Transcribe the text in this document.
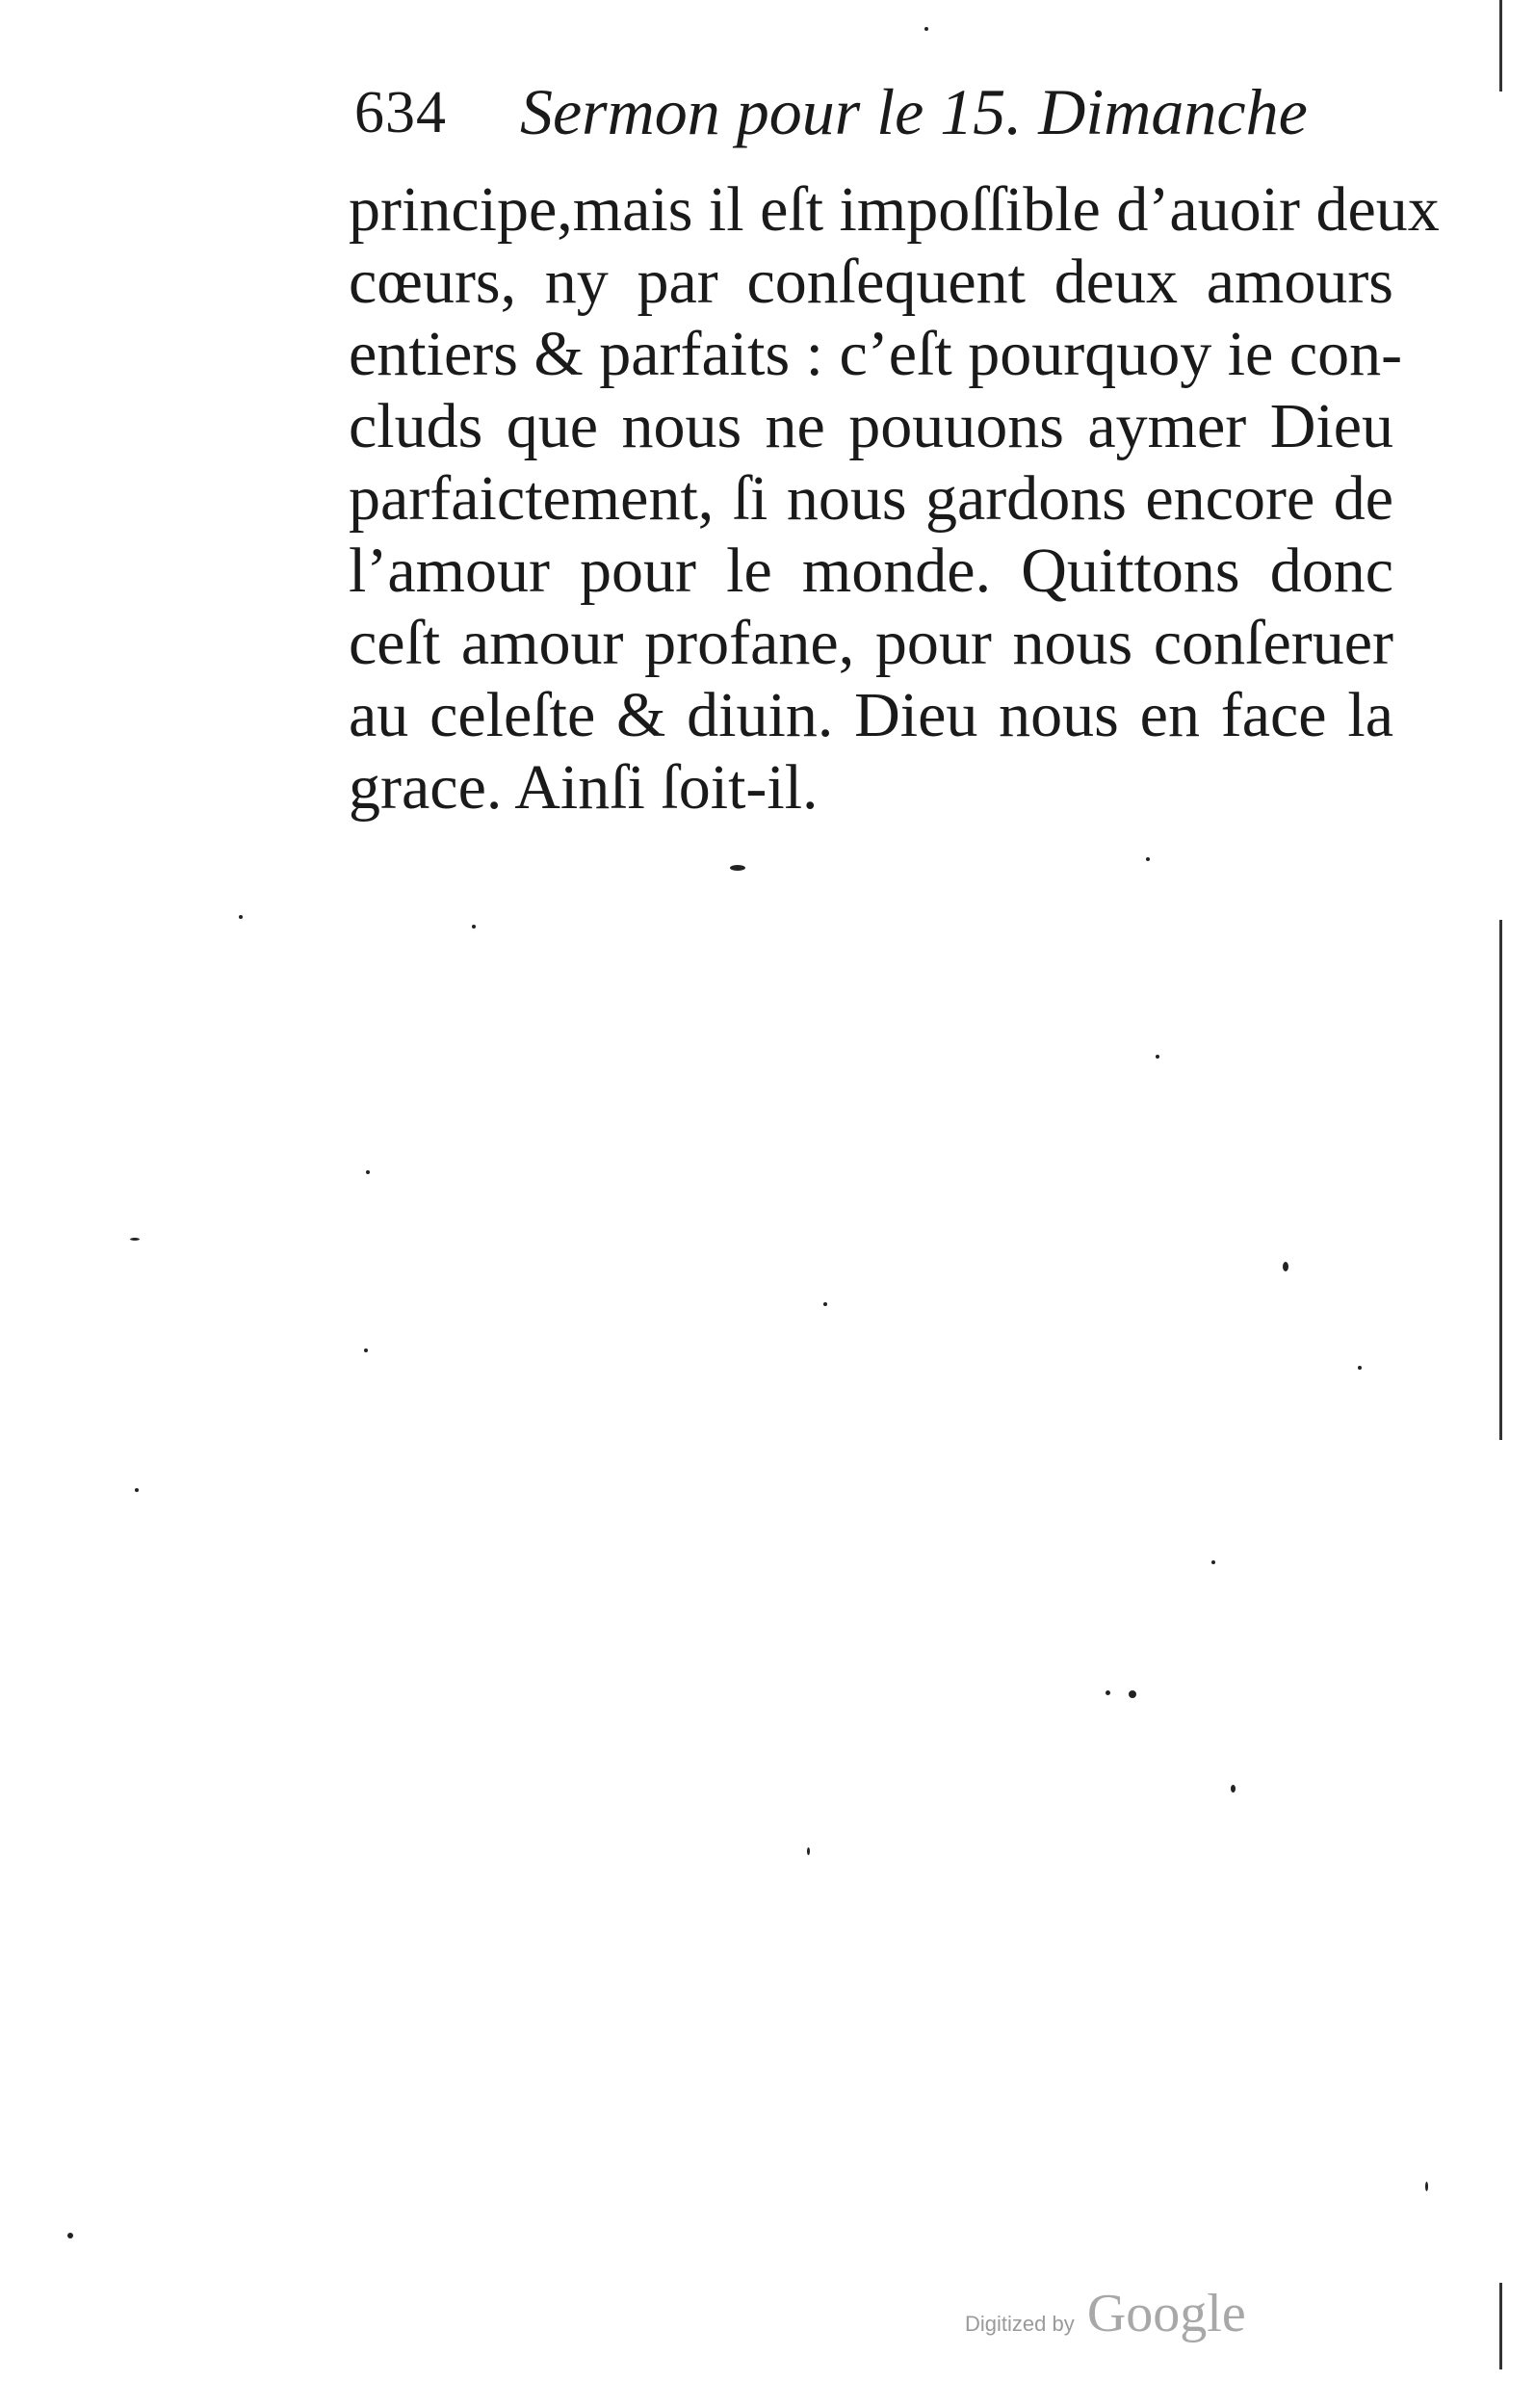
634 Sermon pour le 15. Dimanche
principe,mais il eſt impoſſible d’auoir deux
cœurs, ny par conſequent deux amours
entiers & parfaits : c’eſt pourquoy ie con-
cluds que nous ne pouuons aymer Dieu
parfaictement, ſi nous gardons encore de
l’amour pour le monde. Quittons donc
ceſt amour profane, pour nous conſeruer
au celeſte & diuin. Dieu nous en face la
grace. Ainſi ſoit-il.
Digitized by Google
